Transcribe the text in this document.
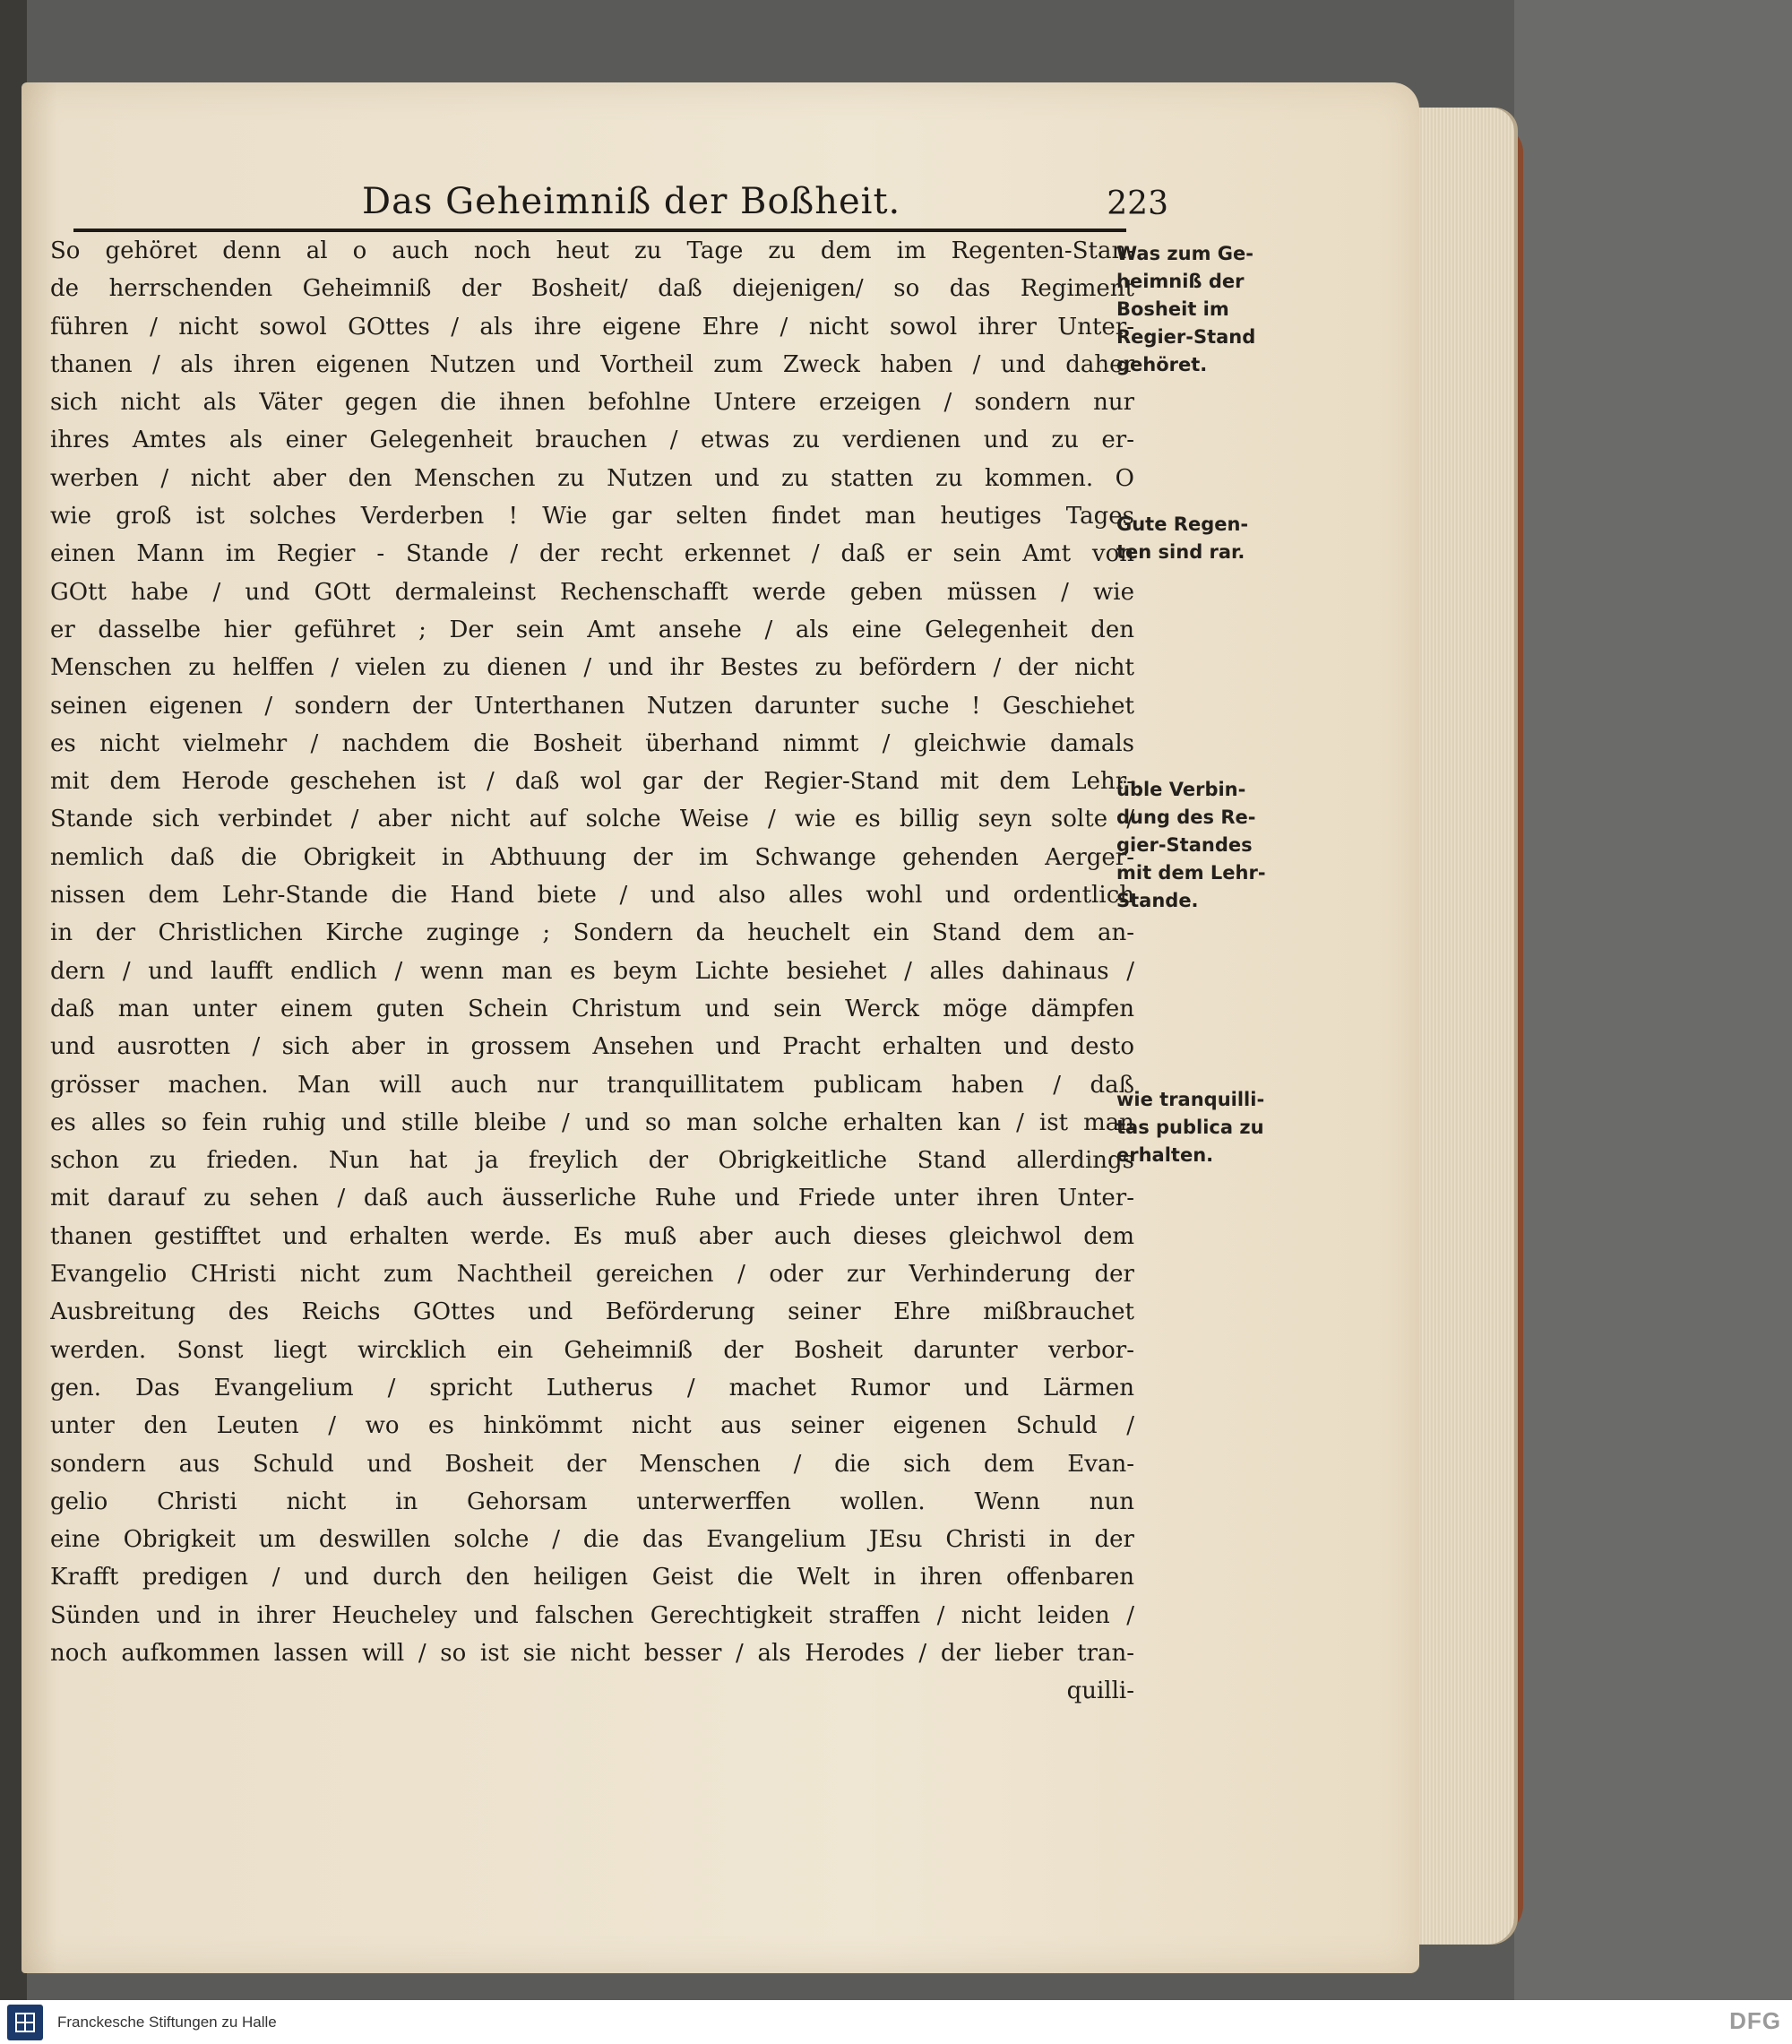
Das Geheimniß der Boßheit.	223
So gehöret denn al o auch noch heut zu Tage zu dem im Regenten-Stan-
de herrschenden Geheimniß der Bosheit/ daß diejenigen/ so das Regiment
führen / nicht sowol GOttes / als ihre eigene Ehre / nicht sowol ihrer Unter-
thanen / als ihren eigenen Nutzen und Vortheil zum Zweck haben / und daher
sich nicht als Väter gegen die ihnen befohlne Untere erzeigen / sondern nur
ihres Amtes als einer Gelegenheit brauchen / etwas zu verdienen und zu er-
werben / nicht aber den Menschen zu Nutzen und zu statten zu kommen. O
wie groß ist solches Verderben ! Wie gar selten findet man heutiges Tages
einen Mann im Regier - Stande / der recht erkennet / daß er sein Amt von
GOtt habe / und GOtt dermaleinst Rechenschafft werde geben müssen / wie
er dasselbe hier geführet ; Der sein Amt ansehe / als eine Gelegenheit den
Menschen zu helffen / vielen zu dienen / und ihr Bestes zu befördern / der nicht
seinen eigenen / sondern der Unterthanen Nutzen darunter suche ! Geschiehet
es nicht vielmehr / nachdem die Bosheit überhand nimmt / gleichwie damals
mit dem Herode geschehen ist / daß wol gar der Regier-Stand mit dem Lehr-
Stande sich verbindet / aber nicht auf solche Weise / wie es billig seyn solte /
nemlich daß die Obrigkeit in Abthuung der im Schwange gehenden Aerger-
nissen dem Lehr-Stande die Hand biete / und also alles wohl und ordentlich
in der Christlichen Kirche zuginge ; Sondern da heuchelt ein Stand dem an-
dern / und laufft endlich / wenn man es beym Lichte besiehet / alles dahinaus /
daß man unter einem guten Schein Christum und sein Werck möge dämpfen
und ausrotten / sich aber in grossem Ansehen und Pracht erhalten und desto
grösser machen. Man will auch nur tranquillitatem publicam haben / daß
es alles so fein ruhig und stille bleibe / und so man solche erhalten kan / ist man
schon zu frieden. Nun hat ja freylich der Obrigkeitliche Stand allerdings
mit darauf zu sehen / daß auch äusserliche Ruhe und Friede unter ihren Unter-
thanen gestifftet und erhalten werde. Es muß aber auch dieses gleichwol dem
Evangelio CHristi nicht zum Nachtheil gereichen / oder zur Verhinderung der
Ausbreitung des Reichs GOttes und Beförderung seiner Ehre mißbrauchet
werden. Sonst liegt wircklich ein Geheimniß der Bosheit darunter verbor-
gen. Das Evangelium / spricht Lutherus / machet Rumor und Lärmen
unter den Leuten / wo es hinkömmt nicht aus seiner eigenen Schuld /
sondern aus Schuld und Bosheit der Menschen / die sich dem Evan-
gelio Christi nicht in Gehorsam unterwerffen wollen. Wenn nun
eine Obrigkeit um deswillen solche / die das Evangelium JEsu Christi in der
Krafft predigen / und durch den heiligen Geist die Welt in ihren offenbaren
Sünden und in ihrer Heucheley und falschen Gerechtigkeit straffen / nicht leiden /
noch aufkommen lassen will / so ist sie nicht besser / als Herodes / der lieber tran-
quilli-
Was zum Ge-
heimniß der
Bosheit im
Regier-Stand
gehöret.
Gute Regen-
ten sind rar.
üble Verbin-
dung des Re-
gier-Standes
mit dem Lehr-
Stande.
wie tranquilli-
tas publica zu
erhalten.
Franckesche Stiftungen zu Halle	DFG
